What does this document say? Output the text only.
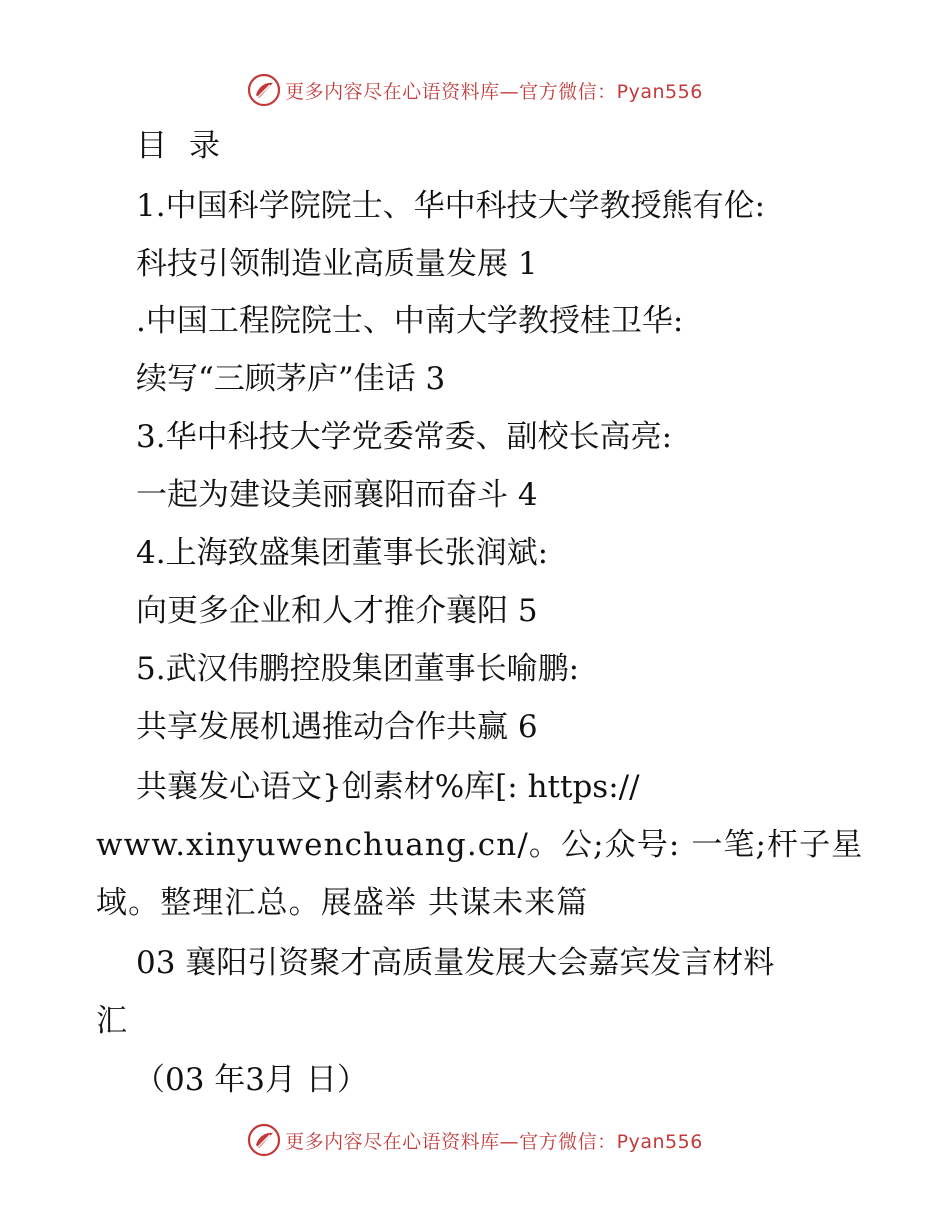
更多内容尽在心语资料库—官方微信：Pyan556
目 录
1.中国科学院院士、华中科技大学教授熊有伦:
科技引领制造业高质量发展 1
.中国工程院院士、中南大学教授桂卫华:
续写“三顾茅庐”佳话 3
3.华中科技大学党委常委、副校长高亮:
一起为建设美丽襄阳而奋斗 4
4.上海致盛集团董事长张润斌:
向更多企业和人才推介襄阳 5
5.武汉伟鹏控股集团董事长喻鹏:
共享发展机遇推动合作共赢 6
共襄发心语文}创素材%库[: https://
www.xinyuwenchuang.cn/。公;众号: 一笔;杆子星
域。整理汇总。展盛举 共谋未来篇
03 襄阳引资聚才高质量发展大会嘉宾发言材料
汇
（03 年3月 日）
更多内容尽在心语资料库—官方微信：Pyan556
